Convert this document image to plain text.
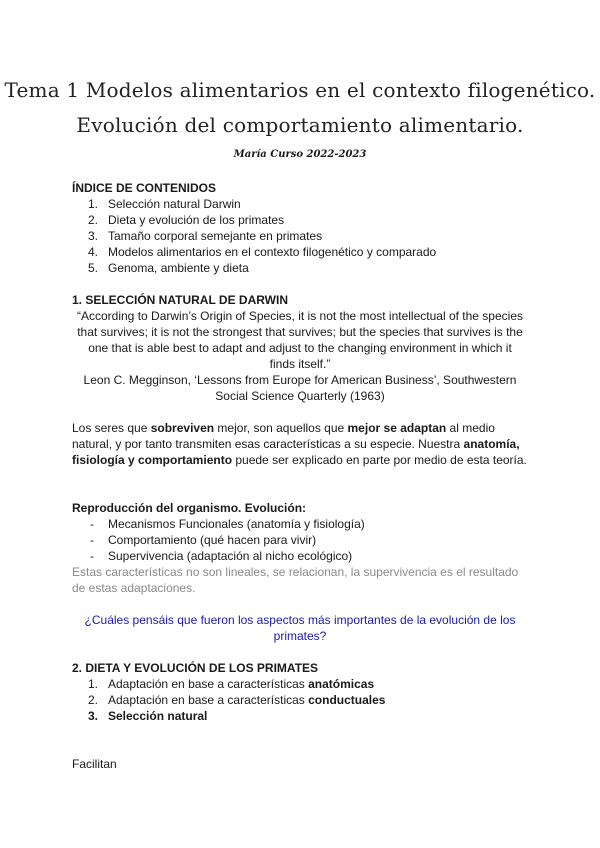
Tema 1 Modelos alimentarios en el contexto filogenético.
Evolución del comportamiento alimentario.
María Curso 2022-2023
ÍNDICE DE CONTENIDOS
1. Selección natural Darwin
2. Dieta y evolución de los primates
3. Tamaño corporal semejante en primates
4. Modelos alimentarios en el contexto filogenético y comparado
5. Genoma, ambiente y dieta
1. SELECCIÓN NATURAL DE DARWIN
“According to Darwin’s Origin of Species, it is not the most intellectual of the species
that survives; it is not the strongest that survives; but the species that survives is the
one that is able best to adapt and adjust to the changing environment in which it
finds itself.”
Leon C. Megginson, ‘Lessons from Europe for American Business’, Southwestern
Social Science Quarterly (1963)
Los seres que sobreviven mejor, son aquellos que mejor se adaptan al medio natural, y por tanto transmiten esas características a su especie. Nuestra anatomía, fisiología y comportamiento puede ser explicado en parte por medio de esta teoría.
Reproducción del organismo. Evolución:
- Mecanismos Funcionales (anatomía y fisiología)
- Comportamiento (qué hacen para vivir)
- Supervivencia (adaptación al nicho ecológico)
Estas características no son lineales, se relacionan, la supervivencia es el resultado de estas adaptaciones.
¿Cuáles pensáis que fueron los aspectos más importantes de la evolución de los
primates?
2. DIETA Y EVOLUCIÓN DE LOS PRIMATES
1. Adaptación en base a características anatómicas
2. Adaptación en base a características conductuales
3. Selección natural
Facilitan
